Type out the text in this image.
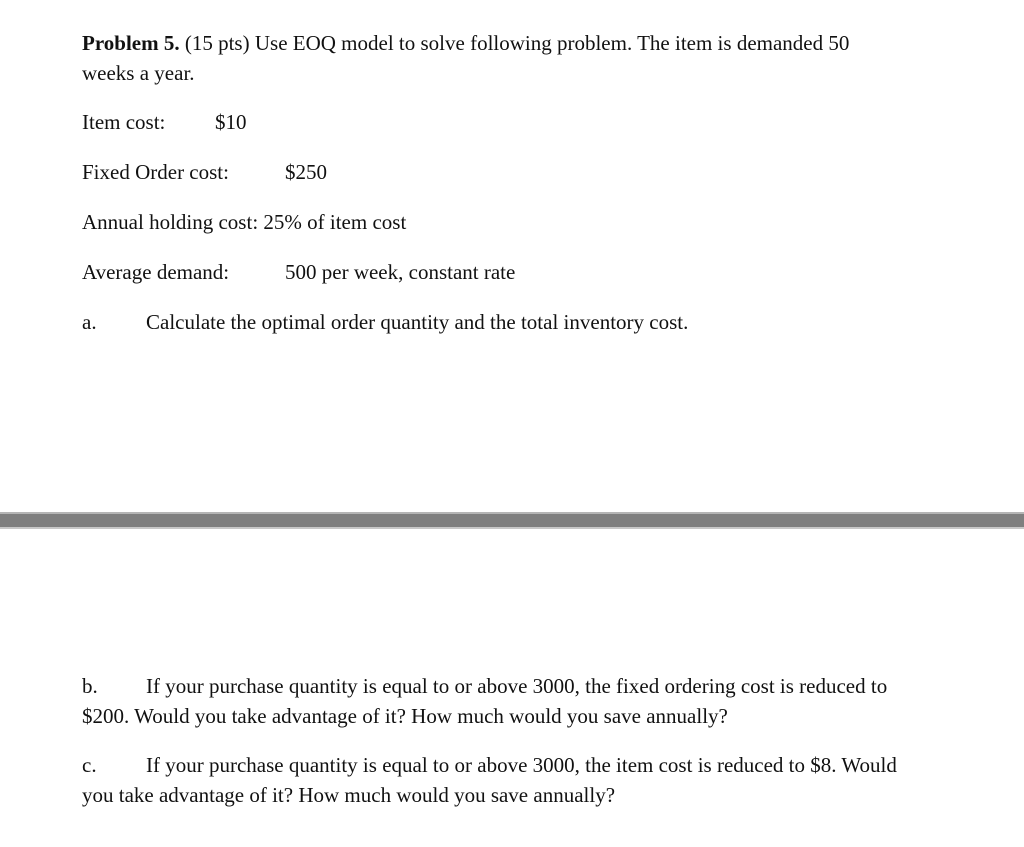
Problem 5. (15 pts) Use EOQ model to solve following problem. The item is demanded 50
weeks a year.
Item cost: $10
Fixed Order cost:	$250
Annual holding cost: 25% of item cost
Average demand:	500 per week, constant rate
a. Calculate the optimal order quantity and the total inventory cost.
b. If your purchase quantity is equal to or above 3000, the fixed ordering cost is reduced to
$200. Would you take advantage of it? How much would you save annually?
c. If your purchase quantity is equal to or above 3000, the item cost is reduced to $8. Would
you take advantage of it? How much would you save annually?
